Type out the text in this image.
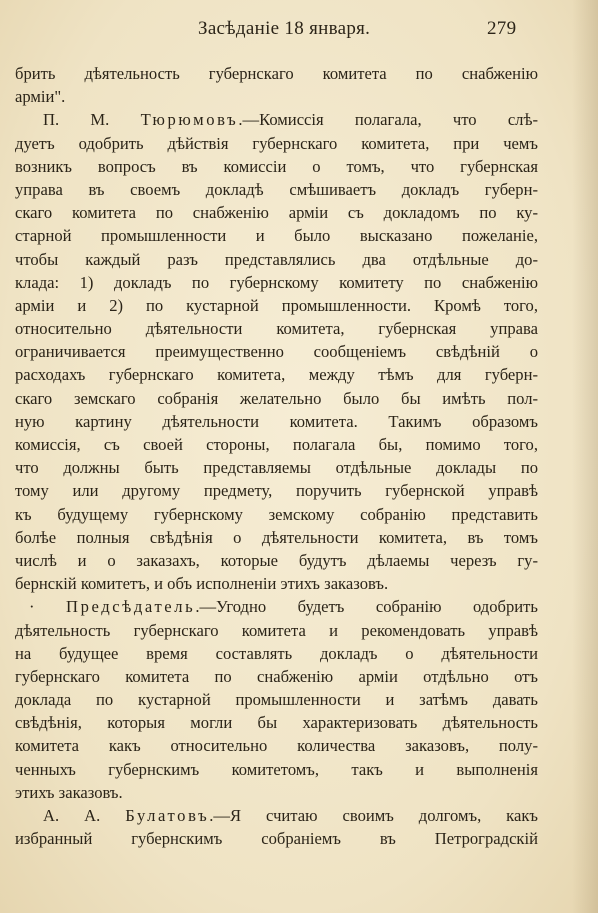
Засѣданіе 18 января.	279
брить дѣятельность губернскаго комитета по снабженію
арміи".
П. М. Тюрюмовъ.—Комиссія полагала, что слѣ-
дуетъ одобрить дѣйствія губернскаго комитета, при чемъ
возникъ вопросъ въ комиссіи о томъ, что губернская
управа въ своемъ докладѣ смѣшиваетъ докладъ губерн-
скаго комитета по снабженію арміи съ докладомъ по ку-
старной промышленности и было высказано пожеланіе,
чтобы каждый разъ представлялись два отдѣльные до-
клада: 1) докладъ по губернскому комитету по снабженію
арміи и 2) по кустарной промышленности. Кромѣ того,
относительно дѣятельности комитета, губернская управа
ограничивается преимущественно сообщеніемъ свѣдѣній о
расходахъ губернскаго комитета, между тѣмъ для губерн-
скаго земскаго собранія желательно было бы имѣть пол-
ную картину дѣятельности комитета. Такимъ образомъ
комиссія, съ своей стороны, полагала бы, помимо того,
что должны быть представляемы отдѣльные доклады по
тому или другому предмету, поручить губернской управѣ
къ будущему губернскому земскому собранію представить
болѣе полныя свѣдѣнія о дѣятельности комитета, въ томъ
числѣ и о заказахъ, которые будутъ дѣлаемы черезъ гу-
бернскій комитетъ, и объ исполненіи этихъ заказовъ.
· Предсѣдатель.—Угодно будетъ собранію одобрить
дѣятельность губернскаго комитета и рекомендовать управѣ
на будущее время составлять докладъ о дѣятельности
губернскаго комитета по снабженію арміи отдѣльно отъ
доклада по кустарной промышленности и затѣмъ давать
свѣдѣнія, которыя могли бы характеризовать дѣятельность
комитета какъ относительно количества заказовъ, полу-
ченныхъ губернскимъ комитетомъ, такъ и выполненія
этихъ заказовъ.
А. А. Булатовъ.—Я считаю своимъ долгомъ, какъ
избранный губернскимъ собраніемъ въ Петроградскій
